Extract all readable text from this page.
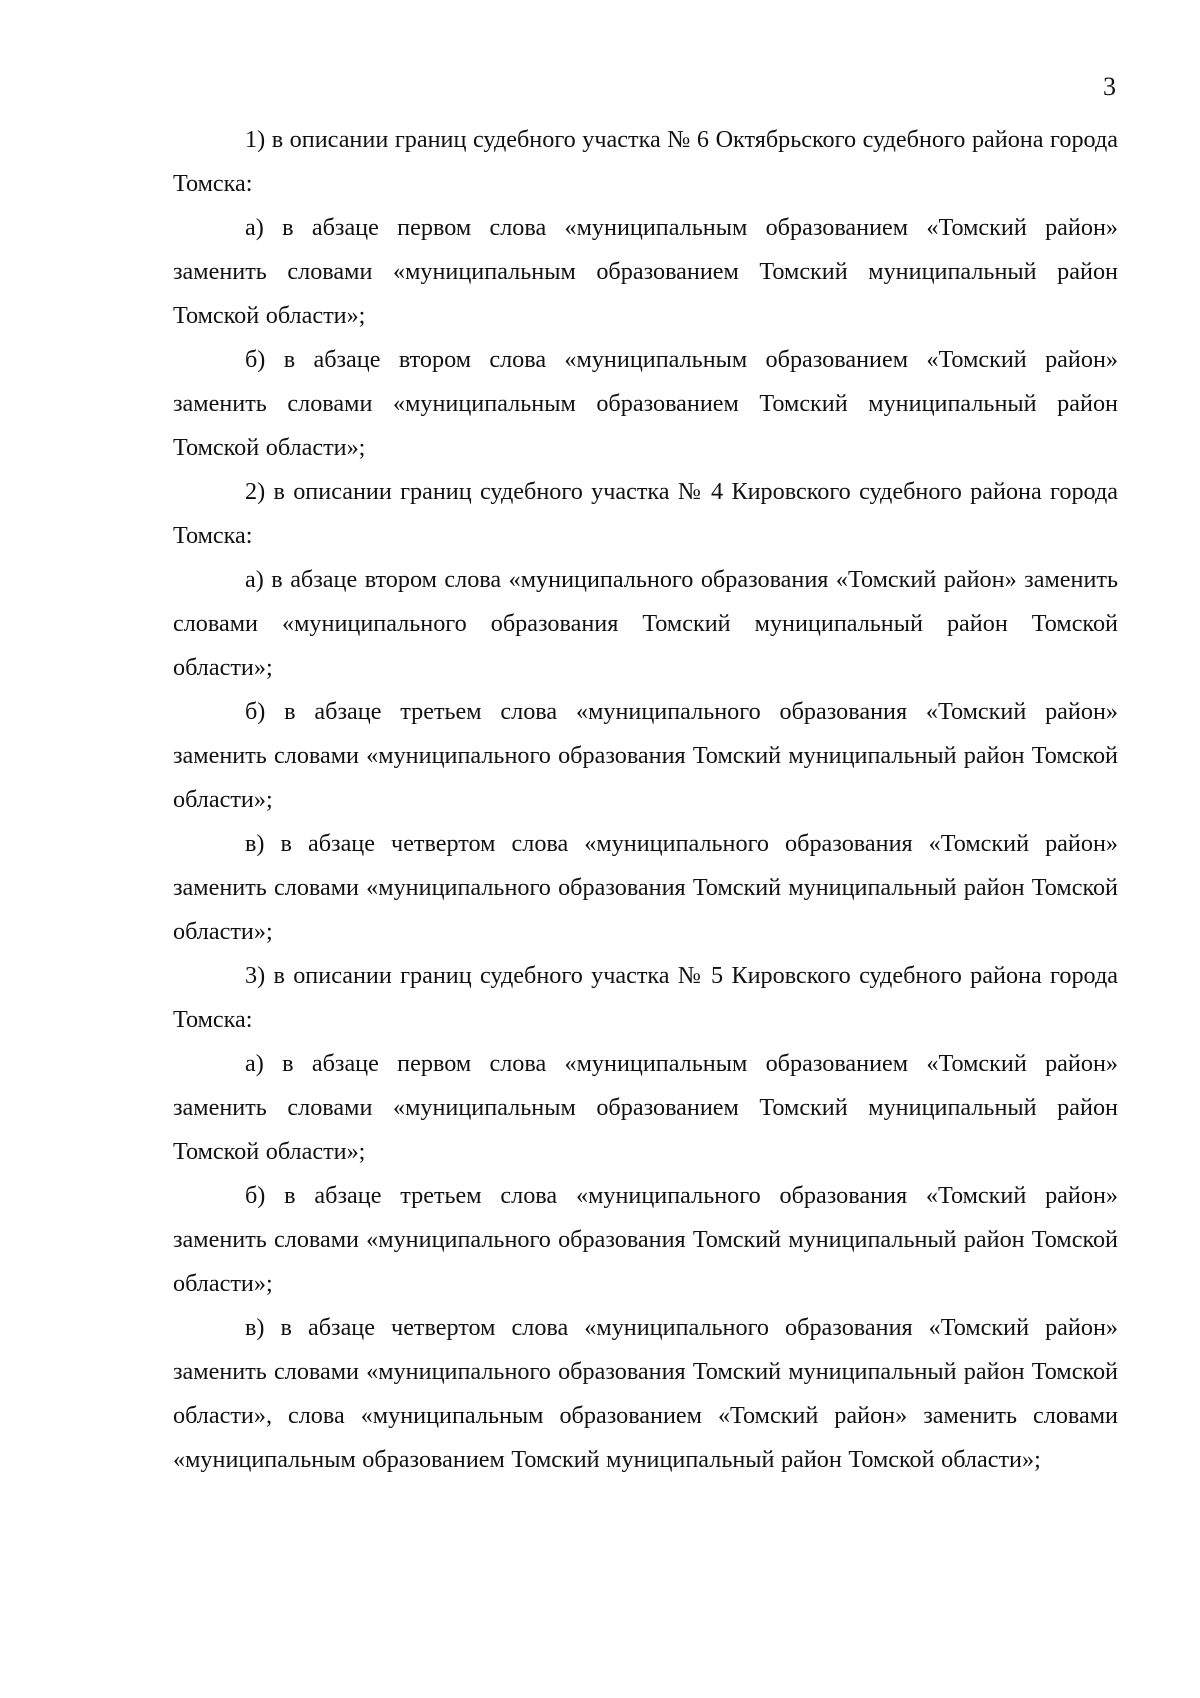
3

1) в описании границ судебного участка № 6 Октябрьского судебного района города Томска:

а) в абзаце первом слова «муниципальным образованием «Томский район» заменить словами «муниципальным образованием Томский муниципальный район Томской области»;

б) в абзаце втором слова «муниципальным образованием «Томский район» заменить словами «муниципальным образованием Томский муниципальный район Томской области»;

2) в описании границ судебного участка № 4 Кировского судебного района города Томска:

а) в абзаце втором слова «муниципального образования «Томский район» заменить словами «муниципального образования Томский муниципальный район Томской области»;

б) в абзаце третьем слова «муниципального образования «Томский район» заменить словами «муниципального образования Томский муниципальный район Томской области»;

в) в абзаце четвертом слова «муниципального образования «Томский район» заменить словами «муниципального образования Томский муниципальный район Томской области»;

3) в описании границ судебного участка № 5 Кировского судебного района города Томска:

а) в абзаце первом слова «муниципальным образованием «Томский район» заменить словами «муниципальным образованием Томский муниципальный район Томской области»;

б) в абзаце третьем слова «муниципального образования «Томский район» заменить словами «муниципального образования Томский муниципальный район Томской области»;

в) в абзаце четвертом слова «муниципального образования «Томский район» заменить словами «муниципального образования Томский муниципальный район Томской области», слова «муниципальным образованием «Томский район» заменить словами «муниципальным образованием Томский муниципальный район Томской области»;
